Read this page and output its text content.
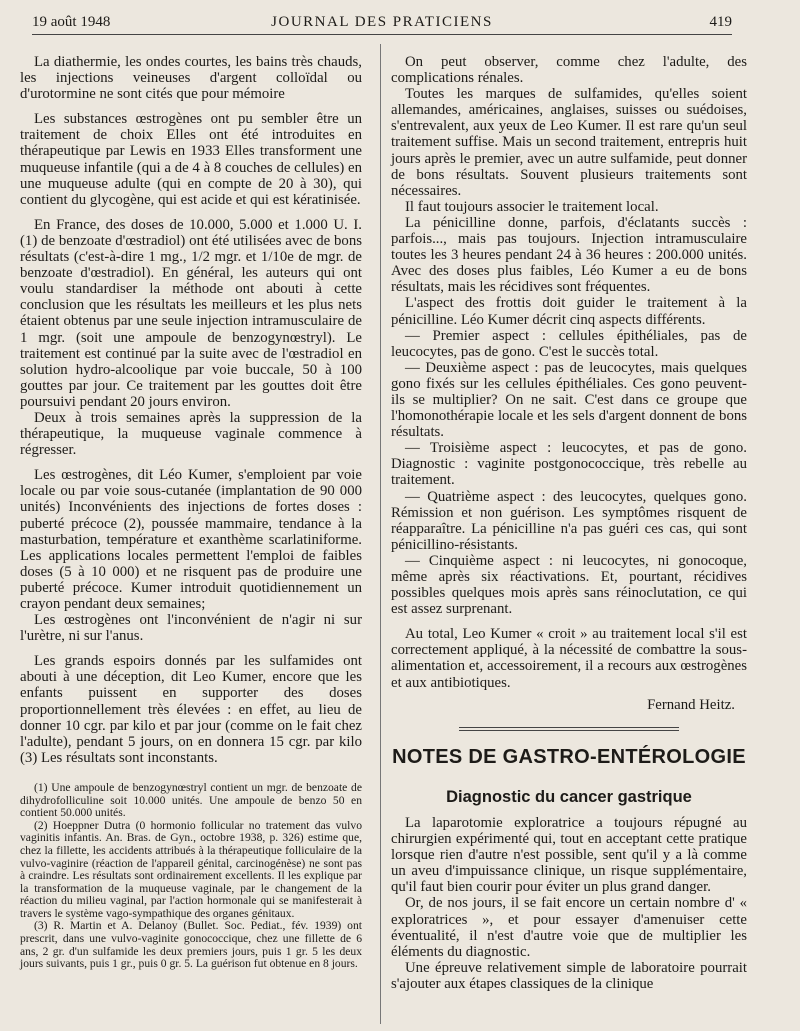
19 août 1948	JOURNAL DES PRATICIENS	419

La diathermie, les ondes courtes, les bains très chauds, les injections veineuses d'argent colloïdal ou d'urotormine ne sont cités que pour mémoire

Les substances œstrogènes ont pu sembler être un traitement de choix Elles ont été introduites en thérapeutique par Lewis en 1933 Elles transforment une muqueuse infantile (qui a de 4 à 8 couches de cellules) en une muqueuse adulte (qui en compte de 20 à 30), qui contient du glycogène, qui est acide et qui est kératinisée.

En France, des doses de 10.000, 5.000 et 1.000 U. I. (1) de benzoate d'œstradiol) ont été utilisées avec de bons résultats (c'est-à-dire 1 mg., 1/2 mgr. et 1/10e de mgr. de benzoate d'œstradiol). En général, les auteurs qui ont voulu standardiser la méthode ont abouti à cette conclusion que les résultats les meilleurs et les plus nets étaient obtenus par une seule injection intramusculaire de 1 mgr. (soit une ampoule de benzogynœstryl). Le traitement est continué par la suite avec de l'œstradiol en solution hydro-alcoolique par voie buccale, 50 à 100 gouttes par jour. Ce traitement par les gouttes doit être poursuivi pendant 20 jours environ.

Deux à trois semaines après la suppression de la thérapeutique, la muqueuse vaginale commence à régresser.

Les œstrogènes, dit Léo Kumer, s'emploient par voie locale ou par voie sous-cutanée (implantation de 90 000 unités) Inconvénients des injections de fortes doses : puberté précoce (2), poussée mammaire, tendance à la masturbation, température et exanthème scarlatiniforme. Les applications locales permettent l'emploi de faibles doses (5 à 10 000) et ne risquent pas de produire une puberté précoce. Kumer introduit quotidiennement un crayon pendant deux semaines;

Les œstrogènes ont l'inconvénient de n'agir ni sur l'urètre, ni sur l'anus.

Les grands espoirs donnés par les sulfamides ont abouti à une déception, dit Leo Kumer, encore que les enfants puissent en supporter des doses proportionnellement très élevées : en effet, au lieu de donner 10 cgr. par kilo et par jour (comme on le fait chez l'adulte), pendant 5 jours, on en donnera 15 cgr. par kilo (3) Les résultats sont inconstants.

(1) Une ampoule de benzogynœstryl contient un mgr. de benzoate de dihydrofolliculine soit 10.000 unités. Une ampoule de benzo 50 en contient 50.000 unités.

(2) Hoeppner Dutra (0 hormonio follicular no tratement das vulvo vaginitis infantis. An. Bras. de Gyn., octobre 1938, p. 326) estime que, chez la fillette, les accidents attribués à la thérapeutique folliculaire de la vulvo-vaginire (réaction de l'appareil génital, carcinogénèse) ne sont pas à craindre. Les résultats sont ordinairement excellents. Il les explique par la transformation de la muqueuse vaginale, par le changement de la réaction du milieu vaginal, par l'action hormonale qui se manifesterait à travers le système vago-sympathique des organes génitaux.

(3) R. Martin et A. Delanoy (Bullet. Soc. Pediat., fév. 1939) ont prescrit, dans une vulvo-vaginite gonococcique, chez une fillette de 6 ans, 2 gr. d'un sulfamide les deux premiers jours, puis 1 gr. 5 les deux jours suivants, puis 1 gr., puis 0 gr. 5. La guérison fut obtenue en 8 jours.

On peut observer, comme chez l'adulte, des complications rénales.

Toutes les marques de sulfamides, qu'elles soient allemandes, américaines, anglaises, suisses ou suédoises, s'entrevalent, aux yeux de Leo Kumer. Il est rare qu'un seul traitement suffise. Mais un second traitement, entrepris huit jours après le premier, avec un autre sulfamide, peut donner de bons résultats. Souvent plusieurs traitements sont nécessaires.

Il faut toujours associer le traitement local.

La pénicilline donne, parfois, d'éclatants succès : parfois..., mais pas toujours. Injection intramusculaire toutes les 3 heures pendant 24 à 36 heures : 200.000 unités. Avec des doses plus faibles, Léo Kumer a eu de bons résultats, mais les récidives sont fréquentes.

L'aspect des frottis doit guider le traitement à la pénicilline. Léo Kumer décrit cinq aspects différents.

— Premier aspect : cellules épithéliales, pas de leucocytes, pas de gono. C'est le succès total.

— Deuxième aspect : pas de leucocytes, mais quelques gono fixés sur les cellules épithéliales. Ces gono peuvent-ils se multiplier? On ne sait. C'est dans ce groupe que l'homonothérapie locale et les sels d'argent donnent de bons résultats.

— Troisième aspect : leucocytes, et pas de gono. Diagnostic : vaginite postgonococcique, très rebelle au traitement.

— Quatrième aspect : des leucocytes, quelques gono. Rémission et non guérison. Les symptômes risquent de réapparaître. La pénicilline n'a pas guéri ces cas, qui sont pénicillino-résistants.

— Cinquième aspect : ni leucocytes, ni gonocoque, même après six réactivations. Et, pourtant, récidives possibles quelques mois après sans réinoclutation, ce qui est assez surprenant.

Au total, Leo Kumer « croit » au traitement local s'il est correctement appliqué, à la nécessité de combattre la sous-alimentation et, accessoirement, il a recours aux œstrogènes et aux antibiotiques.

Fernand Heitz.
NOTES DE GASTRO-ENTÉROLOGIE
Diagnostic du cancer gastrique

La laparotomie exploratrice a toujours répugné au chirurgien expérimenté qui, tout en acceptant cette pratique lorsque rien d'autre n'est possible, sent qu'il y a là comme un aveu d'impuissance clinique, un risque supplémentaire, qu'il faut bien courir pour éviter un plus grand danger.

Or, de nos jours, il se fait encore un certain nombre d' « exploratrices », et pour essayer d'amenuiser cette éventualité, il n'est d'autre voie que de multiplier les éléments du diagnostic.

Une épreuve relativement simple de laboratoire pourrait s'ajouter aux étapes classiques de la clinique
